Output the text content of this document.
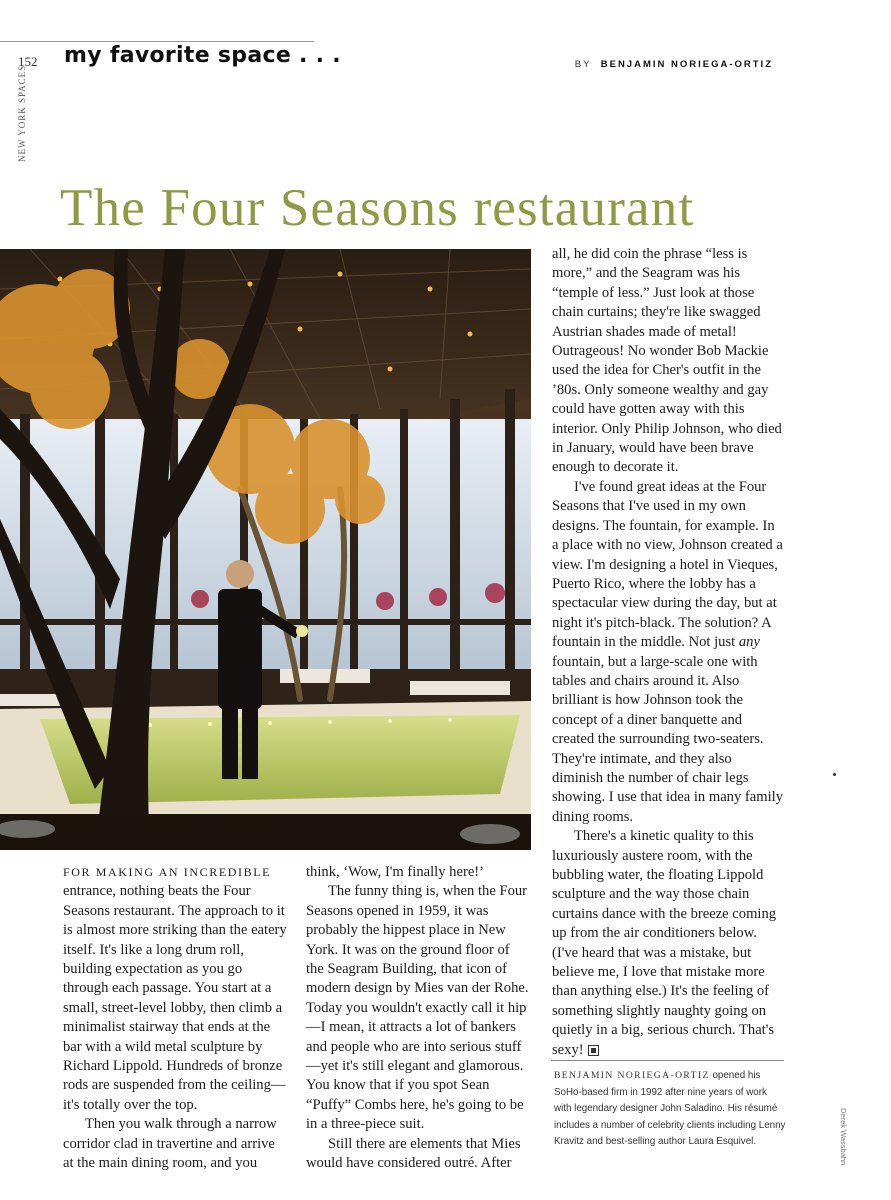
152 my favorite space . . .	BY BENJAMIN NORIEGA-ORTIZ
NEW YORK SPACES
The Four Seasons restaurant

FOR MAKING AN INCREDIBLE entrance, nothing beats the Four Seasons restaurant. The approach to it is almost more striking than the eatery itself. It's like a long drum roll, building expectation as you go through each passage. You start at a small, street-level lobby, then climb a minimalist stairway that ends at the bar with a wild metal sculpture by Richard Lippold. Hundreds of bronze rods are suspended from the ceiling—it's totally over the top.

Then you walk through a narrow corridor clad in travertine and arrive at the main dining room, and you

think, ‘Wow, I'm finally here!’

The funny thing is, when the Four Seasons opened in 1959, it was probably the hippest place in New York. It was on the ground floor of the Seagram Building, that icon of modern design by Mies van der Rohe. Today you wouldn't exactly call it hip—I mean, it attracts a lot of bankers and people who are into serious stuff—yet it's still elegant and glamorous. You know that if you spot Sean “Puffy” Combs here, he's going to be in a three-piece suit.

Still there are elements that Mies would have considered outré. After

all, he did coin the phrase “less is more,” and the Seagram was his “temple of less.” Just look at those chain curtains; they're like swagged Austrian shades made of metal! Outrageous! No wonder Bob Mackie used the idea for Cher's outfit in the ’80s. Only someone wealthy and gay could have gotten away with this interior. Only Philip Johnson, who died in January, would have been brave enough to decorate it.

I've found great ideas at the Four Seasons that I've used in my own designs. The fountain, for example. In a place with no view, Johnson created a view. I'm designing a hotel in Vieques, Puerto Rico, where the lobby has a spectacular view during the day, but at night it's pitch-black. The solution? A fountain in the middle. Not just any fountain, but a large-scale one with tables and chairs around it. Also brilliant is how Johnson took the concept of a diner banquette and created the surrounding two-seaters. They're intimate, and they also diminish the number of chair legs showing. I use that idea in many family dining rooms.

There's a kinetic quality to this luxuriously austere room, with the bubbling water, the floating Lippold sculpture and the way those chain curtains dance with the breeze coming up from the air conditioners below. (I've heard that was a mistake, but believe me, I love that mistake more than anything else.) It's the feeling of something slightly naughty going on quietly in a big, serious church. That's sexy!

BENJAMIN NORIEGA-ORTIZ opened his SoHo-based firm in 1992 after nine years of work with legendary designer John Saladino. His résumé includes a number of celebrity clients including Lenny Kravitz and best-selling author Laura Esquivel.	Derek Wassbahn
